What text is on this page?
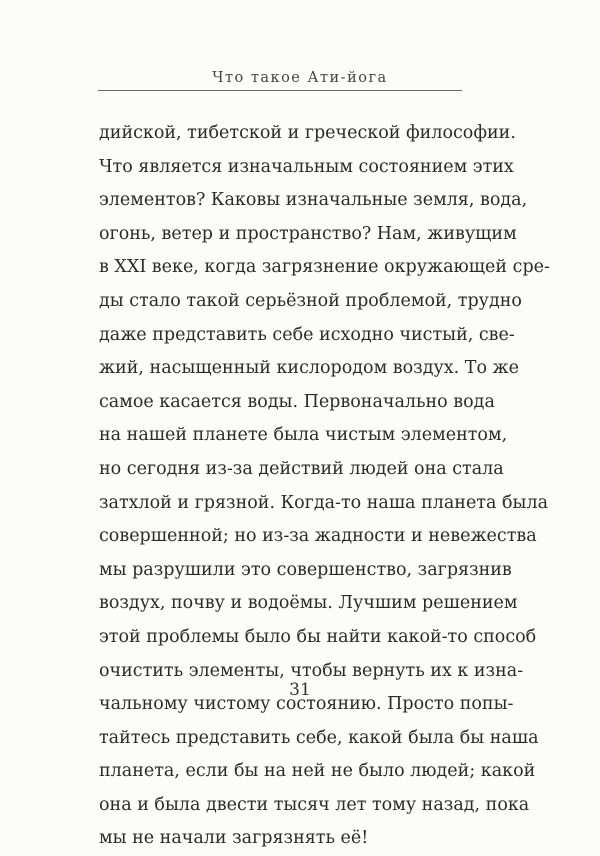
Что такое Ати-йога
дийской, тибетской и греческой философии.
Что является изначальным состоянием этих
элементов? Каковы изначальные земля, вода,
огонь, ветер и пространство? Нам, живущим
в XXI веке, когда загрязнение окружающей сре-
ды стало такой серьёзной проблемой, трудно
даже представить себе исходно чистый, све-
жий, насыщенный кислородом воздух. То же
самое касается воды. Первоначально вода
на нашей планете была чистым элементом,
но сегодня из-за действий людей она стала
затхлой и грязной. Когда-то наша планета была
совершенной; но из-за жадности и невежества
мы разрушили это совершенство, загрязнив
воздух, почву и водоёмы. Лучшим решением
этой проблемы было бы найти какой-то способ
очистить элементы, чтобы вернуть их к изна-
чальному чистому состоянию. Просто попы-
тайтесь представить себе, какой была бы наша
планета, если бы на ней не было людей; какой
она и была двести тысяч лет тому назад, пока
мы не начали загрязнять её!
31
